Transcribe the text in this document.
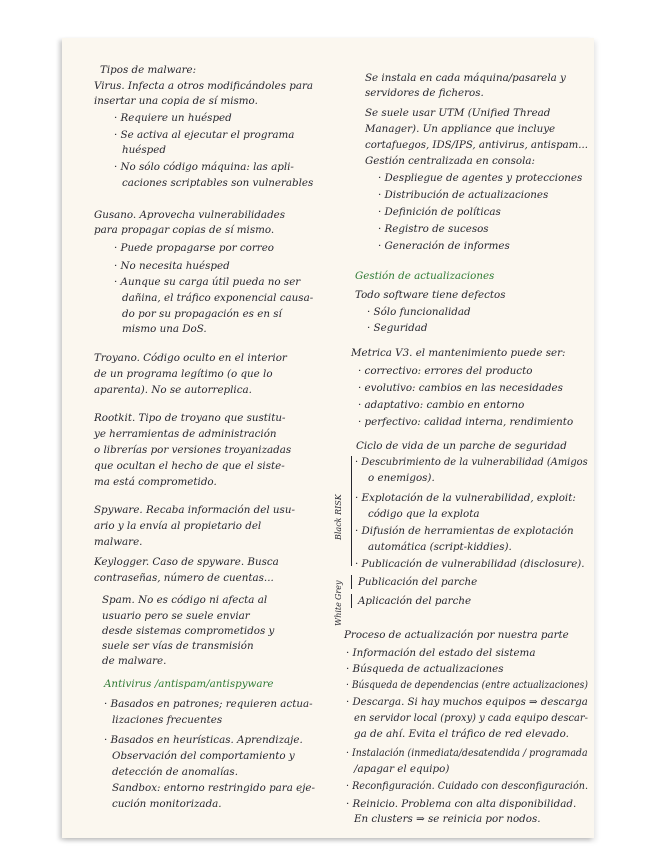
Tipos de malware:
Virus. Infecta a otros modificándoles para
insertar una copia de sí mismo.
· Requiere un huésped
· Se activa al ejecutar el programa
huésped
· No sólo código máquina: las apli-
caciones scriptables son vulnerables
Gusano. Aprovecha vulnerabilidades
para propagar copias de sí mismo.
· Puede propagarse por correo
· No necesita huésped
· Aunque su carga útil pueda no ser
dañina, el tráfico exponencial causa-
do por su propagación es en sí
mismo una DoS.
Troyano. Código oculto en el interior
de un programa legítimo (o que lo
aparenta). No se autorreplica.
Rootkit. Tipo de troyano que sustitu-
ye herramientas de administración
o librerías por versiones troyanizadas
que ocultan el hecho de que el siste-
ma está comprometido.
Spyware. Recaba información del usu-
ario y la envía al propietario del
malware.
Keylogger. Caso de spyware. Busca
contraseñas, número de cuentas...
Spam. No es código ni afecta al
usuario pero se suele enviar
desde sistemas comprometidos y
suele ser vías de transmisión
de malware.
Antivirus /antispam/antispyware
· Basados en patrones; requieren actua-
lizaciones frecuentes
· Basados en heurísticas. Aprendizaje.
Observación del comportamiento y
detección de anomalías.
Sandbox: entorno restringido para eje-
cución monitorizada.
Se instala en cada máquina/pasarela y
servidores de ficheros.
Se suele usar UTM (Unified Thread
Manager). Un appliance que incluye
cortafuegos, IDS/IPS, antivirus, antispam...
Gestión centralizada en consola:
· Despliegue de agentes y protecciones
· Distribución de actualizaciones
· Definición de políticas
· Registro de sucesos
· Generación de informes
Gestión de actualizaciones
Todo software tiene defectos
· Sólo funcionalidad
· Seguridad
Metrica V3. el mantenimiento puede ser:
· correctivo: errores del producto
· evolutivo: cambios en las necesidades
· adaptativo: cambio en entorno
· perfectivo: calidad interna, rendimiento
Ciclo de vida de un parche de seguridad
Black RISK
· Descubrimiento de la vulnerabilidad (Amigos
o enemigos).
· Explotación de la vulnerabilidad, exploit:
código que la explota
· Difusión de herramientas de explotación
automática (script-kiddies).
· Publicación de vulnerabilidad (disclosure).
Grey
White
Publicación del parche
Aplicación del parche
Proceso de actualización por nuestra parte
· Información del estado del sistema
· Búsqueda de actualizaciones
· Búsqueda de dependencias (entre actualizaciones)
· Descarga. Si hay muchos equipos ⇒ descarga
en servidor local (proxy) y cada equipo descar-
ga de ahí. Evita el tráfico de red elevado.
· Instalación (inmediata/desatendida / programada
/apagar el equipo)
· Reconfiguración. Cuidado con desconfiguración.
· Reinicio. Problema con alta disponibilidad.
En clusters ⇒ se reinicia por nodos.
